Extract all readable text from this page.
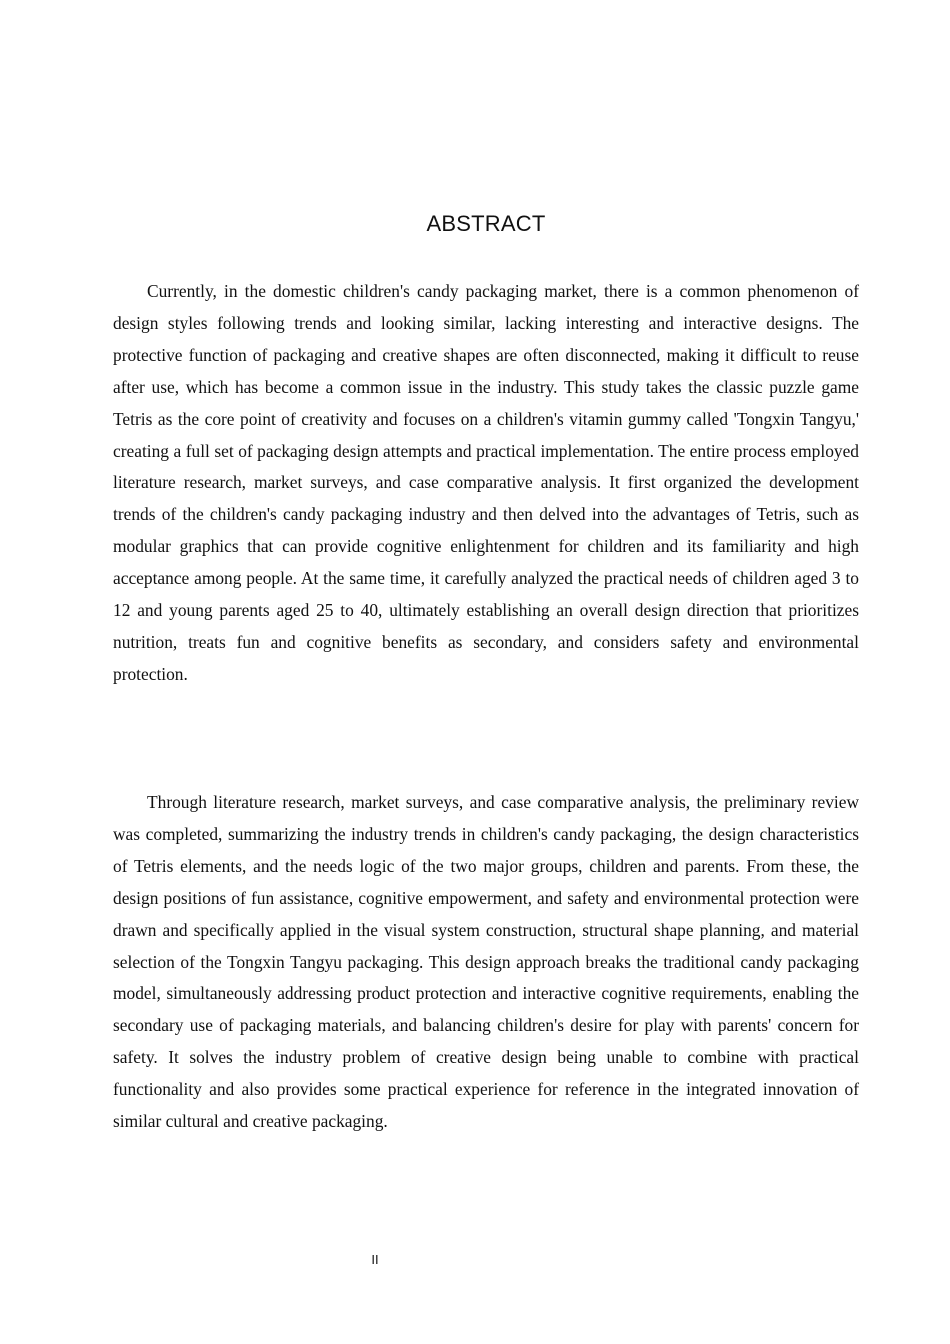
ABSTRACT

Currently, in the domestic children's candy packaging market, there is a common phenomenon of design styles following trends and looking similar, lacking interesting and interactive designs. The protective function of packaging and creative shapes are often disconnected, making it difficult to reuse after use, which has become a common issue in the industry. This study takes the classic puzzle game Tetris as the core point of creativity and focuses on a children's vitamin gummy called 'Tongxin Tangyu,' creating a full set of packaging design attempts and practical implementation. The entire process employed literature research, market surveys, and case comparative analysis. It first organized the development trends of the children's candy packaging industry and then delved into the advantages of Tetris, such as modular graphics that can provide cognitive enlightenment for children and its familiarity and high acceptance among people. At the same time, it carefully analyzed the practical needs of children aged 3 to 12 and young parents aged 25 to 40, ultimately establishing an overall design direction that prioritizes nutrition, treats fun and cognitive benefits as secondary, and considers safety and environmental protection.

Through literature research, market surveys, and case comparative analysis, the preliminary review was completed, summarizing the industry trends in children's candy packaging, the design characteristics of Tetris elements, and the needs logic of the two major groups, children and parents. From these, the design positions of fun assistance, cognitive empowerment, and safety and environmental protection were drawn and specifically applied in the visual system construction, structural shape planning, and material selection of the Tongxin Tangyu packaging. This design approach breaks the traditional candy packaging model, simultaneously addressing product protection and interactive cognitive requirements, enabling the secondary use of packaging materials, and balancing children's desire for play with parents' concern for safety. It solves the industry problem of creative design being unable to combine with practical functionality and also provides some practical experience for reference in the integrated innovation of similar cultural and creative packaging.

II
